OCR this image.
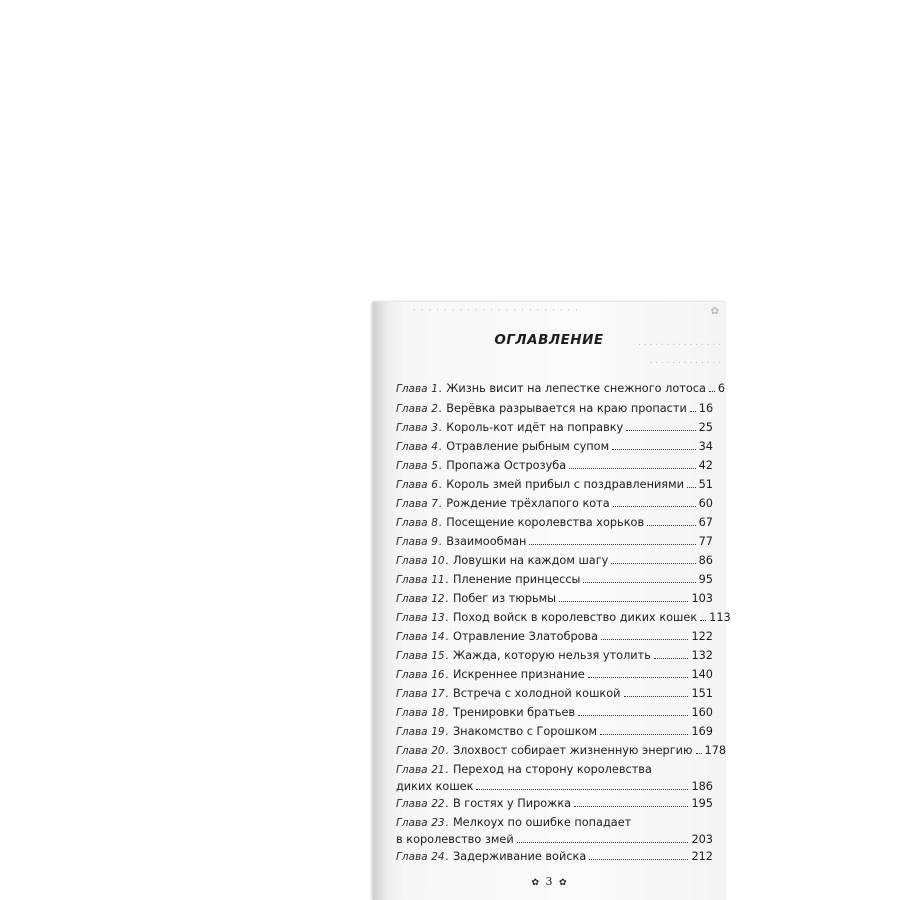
· · · · · · · · · · · · · · · · · · · · · ·	✿
. . . . . . . . . . . . . . .
. . . . . . . . . . . . .
ОГЛАВЛЕНИЕ
Глава
1 . Жизнь висит на лепестке снежного лотоса 6
Глава
2 . Верёвка разрывается на краю пропасти 16
Глава
3 . Король-кот идёт на поправку	25
Глава
4 . Отравление рыбным супом	34
Глава
5 . Пропажа Острозуба	42
Глава
6 . Король змей прибыл с поздравлениями 51
Глава
7 . Рождение трёхлапого кота	60
Глава
8 . Посещение королевства хорьков	67
Глава
9 . Взаимообман	77
Глава
10 . Ловушки на каждом шагу	86
Глава
11 . Пленение принцессы	95
Глава
12 . Побег из тюрьмы	103
Глава
13 . Поход войск в королевство диких кошек 113
Глава
14 . Отравление Златоброва	122
Глава
15 . Жажда, которую нельзя утолить	132
Глава
16 . Искреннее признание	140
Глава
17 . Встреча с холодной кошкой	151
Глава
18 . Тренировки братьев	160
Глава
19 . Знакомство с Горошком	169
Глава
20 . Злохвост собирает жизненную энергию 178
Глава 21. Переход на сторону королевства
диких кошек	186
Глава
22 . В гостях у Пирожка	195
Глава 23. Мелкоух по ошибке попадает
в королевство змей	203
Глава
24 . Задерживание войска	212
✿ 3 ✿
